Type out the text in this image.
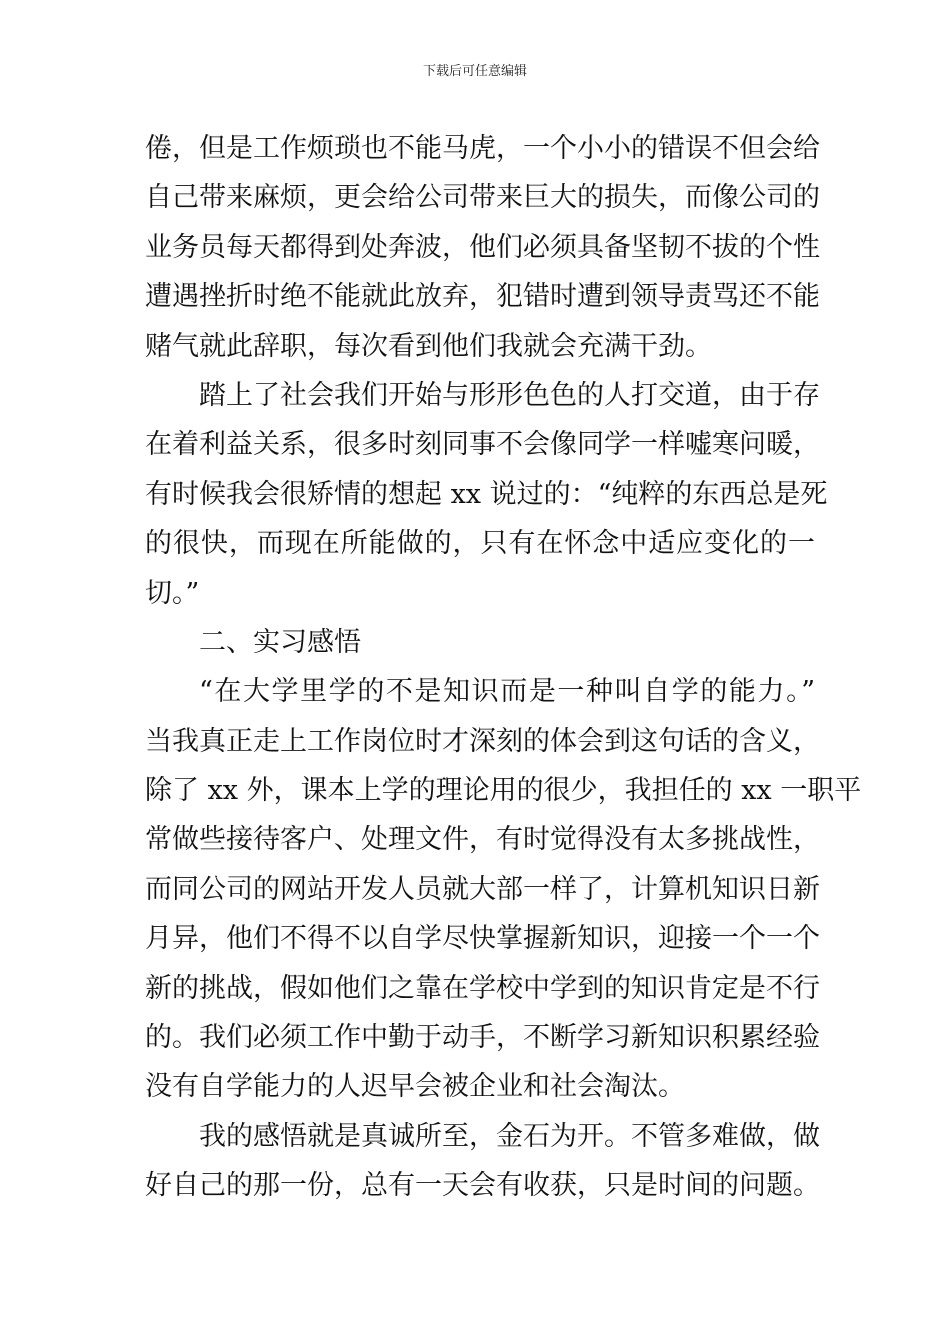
下载后可任意编辑
倦，但是工作烦琐也不能马虎，一个小小的错误不但会给
自己带来麻烦，更会给公司带来巨大的损失，而像公司的
业务员每天都得到处奔波，他们必须具备坚韧不拔的个性
遭遇挫折时绝不能就此放弃，犯错时遭到领导责骂还不能
赌气就此辞职，每次看到他们我就会充满干劲。
踏上了社会我们开始与形形色色的人打交道，由于存
在着利益关系，很多时刻同事不会像同学一样嘘寒问暖，
有时候我会很矫情的想起 xx 说过的：“纯粹的东西总是死
的很快，而现在所能做的，只有在怀念中适应变化的一
切。”
二、实习感悟
“在大学里学的不是知识而是一种叫自学的能力。”
当我真正走上工作岗位时才深刻的体会到这句话的含义，
除了 xx 外，课本上学的理论用的很少，我担任的 xx 一职平
常做些接待客户、处理文件，有时觉得没有太多挑战性，
而同公司的网站开发人员就大部一样了，计算机知识日新
月异，他们不得不以自学尽快掌握新知识，迎接一个一个
新的挑战，假如他们之靠在学校中学到的知识肯定是不行
的。我们必须工作中勤于动手，不断学习新知识积累经验
没有自学能力的人迟早会被企业和社会淘汰。
我的感悟就是真诚所至，金石为开。不管多难做，做
好自己的那一份，总有一天会有收获，只是时间的问题。
